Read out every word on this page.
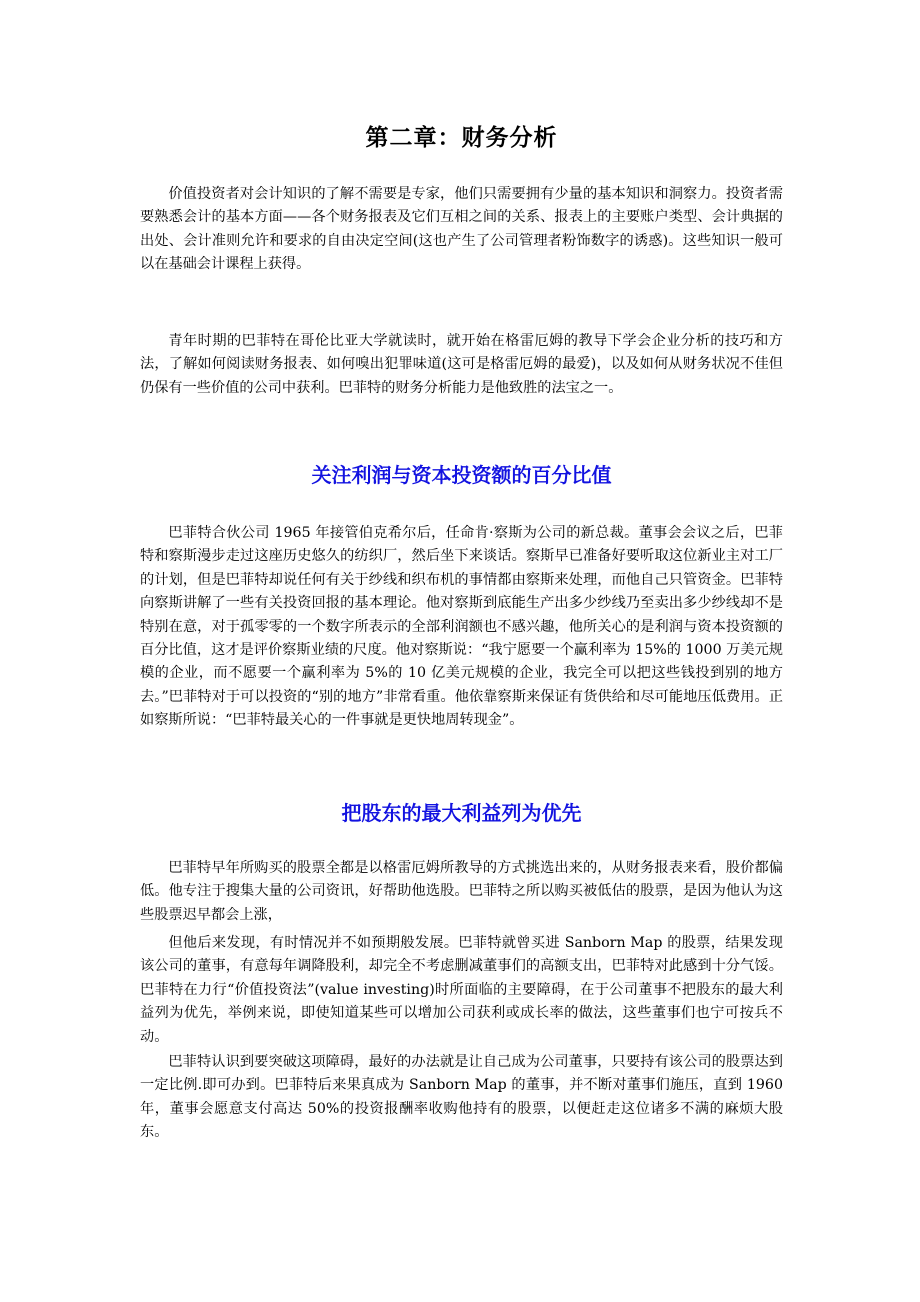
第二章：财务分析

价值投资者对会计知识的了解不需要是专家，他们只需要拥有少量的基本知识和洞察力。投资者需要熟悉会计的基本方面——各个财务报表及它们互相之间的关系、报表上的主要账户类型、会计典据的出处、会计准则允许和要求的自由决定空间(这也产生了公司管理者粉饰数字的诱惑)。这些知识一般可以在基础会计课程上获得。

青年时期的巴菲特在哥伦比亚大学就读时，就开始在格雷厄姆的教导下学会企业分析的技巧和方法，了解如何阅读财务报表、如何嗅出犯罪味道(这可是格雷厄姆的最爱)，以及如何从财务状况不佳但仍保有一些价值的公司中获利。巴菲特的财务分析能力是他致胜的法宝之一。

关注利润与资本投资额的百分比值

巴菲特合伙公司 1965 年接管伯克希尔后，任命肯·察斯为公司的新总裁。董事会会议之后，巴菲特和察斯漫步走过这座历史悠久的纺织厂，然后坐下来谈话。察斯早已准备好要听取这位新业主对工厂的计划，但是巴菲特却说任何有关于纱线和织布机的事情都由察斯来处理，而他自己只管资金。巴菲特向察斯讲解了一些有关投资回报的基本理论。他对察斯到底能生产出多少纱线乃至卖出多少纱线却不是特别在意，对于孤零零的一个数字所表示的全部利润额也不感兴趣，他所关心的是利润与资本投资额的百分比值，这才是评价察斯业绩的尺度。他对察斯说：“我宁愿要一个赢利率为 15%的 1000 万美元规模的企业，而不愿要一个赢利率为 5%的 10 亿美元规模的企业，我完全可以把这些钱投到别的地方去。”巴菲特对于可以投资的“别的地方”非常看重。他依靠察斯来保证有货供给和尽可能地压低费用。正如察斯所说：“巴菲特最关心的一件事就是更快地周转现金”。

把股东的最大利益列为优先

巴菲特早年所购买的股票全都是以格雷厄姆所教导的方式挑选出来的，从财务报表来看，股价都偏低。他专注于搜集大量的公司资讯，好帮助他选股。巴菲特之所以购买被低估的股票，是因为他认为这些股票迟早都会上涨，

但他后来发现，有时情况并不如预期般发展。巴菲特就曾买进 Sanborn Map 的股票，结果发现该公司的董事，有意每年调降股利，却完全不考虑删减董事们的高额支出，巴菲特对此感到十分气馁。巴菲特在力行“价值投资法”(value investing)时所面临的主要障碍，在于公司董事不把股东的最大利益列为优先，举例来说，即使知道某些可以增加公司获利或成长率的做法，这些董事们也宁可按兵不动。

巴菲特认识到要突破这项障碍，最好的办法就是让自己成为公司董事，只要持有该公司的股票达到一定比例.即可办到。巴菲特后来果真成为 Sanborn Map 的董事，并不断对董事们施压，直到 1960 年，董事会愿意支付高达 50%的投资报酬率收购他持有的股票，以便赶走这位诸多不满的麻烦大股东。
